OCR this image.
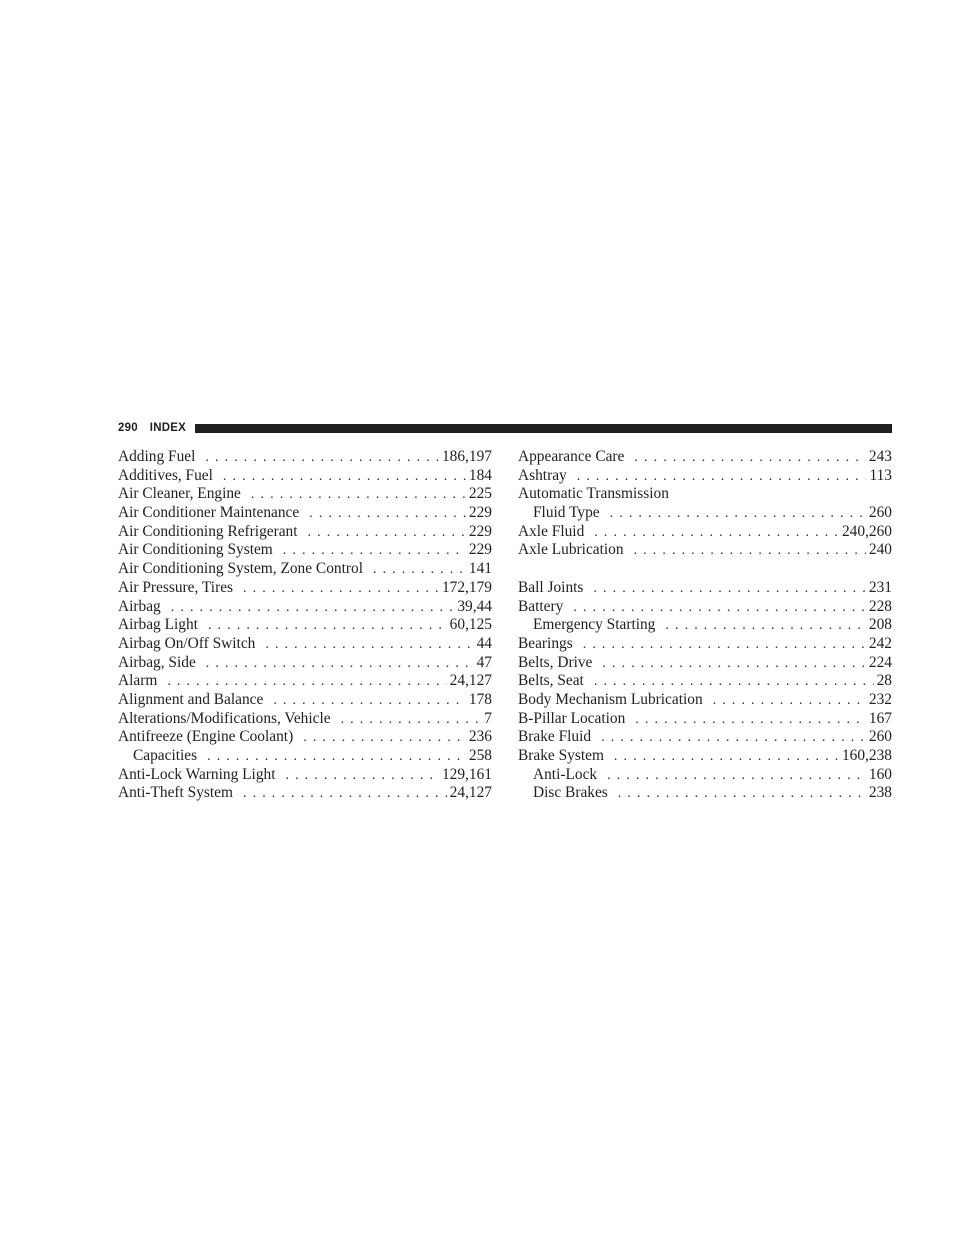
290 INDEX
Adding Fuel . . .	186,197
Additives, Fuel . . .	184
Air Cleaner, Engine . . .	225
Air Conditioner Maintenance . . .	229
Air Conditioning Refrigerant . . .	229
Air Conditioning System . . .	229
Air Conditioning System, Zone Control . . .	141
Air Pressure, Tires . . .	172,179
Airbag . . .	39,44
Airbag Light . . .	60,125
Airbag On/Off Switch . . .	44
Airbag, Side . . .	47
Alarm . . .	24,127
Alignment and Balance . . .	178
Alterations/Modifications, Vehicle . . .	7
Antifreeze (Engine Coolant) . . .	236
Capacities . . .	258
Anti-Lock Warning Light . . .	129,161
Anti-Theft System . . .	24,127
Appearance Care . . .	243
Ashtray . . .	113
Automatic Transmission
Fluid Type . . .	260
Axle Fluid . . .	240,260
Axle Lubrication . . .	240
Ball Joints . . .	231
Battery . . .	228
Emergency Starting . . .	208
Bearings . . .	242
Belts, Drive . . .	224
Belts, Seat . . .	28
Body Mechanism Lubrication . . .	232
B-Pillar Location . . .	167
Brake Fluid . . .	260
Brake System . . .	160,238
Anti-Lock . . .	160
Disc Brakes . . .	238
